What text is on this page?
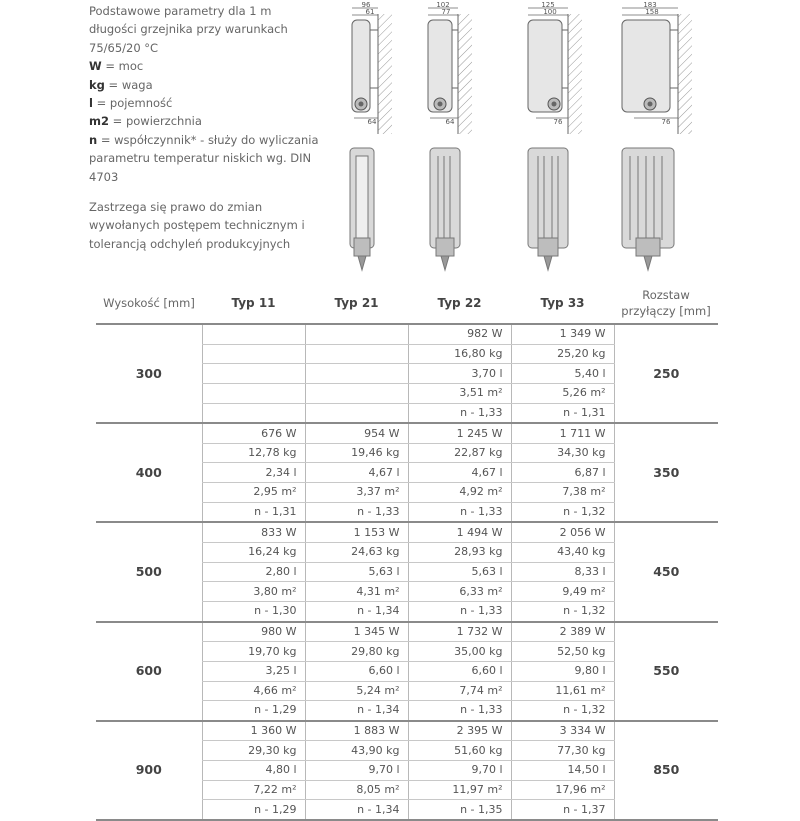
Podstawowe parametry dla 1 m długości grzejnika przy warunkach 75/65/20 °C

W = moc

kg = waga

l = pojemność

m2 = powierzchnia

n = współczynnik* - służy do wyliczania parametru temperatur niskich wg. DIN 4703

Zastrzega się prawo do zmian wywołanych postępem technicznym i tolerancją odchyleń produkcyjnych

96
61
64
102
77
64
125
100
76
183
158
76
Wysokość [mm]	Typ 11	Typ 21	Typ 22	Typ 33	Rozstaw przyłączy [mm]
300			982 W	1 349 W	250
			16,80 kg	25,20 kg	
			3,70 l	5,40 l	
			3,51 m²	5,26 m²	
			n - 1,33	n - 1,31	
400	676 W	954 W	1 245 W	1 711 W	350
	12,78 kg	19,46 kg	22,87 kg	34,30 kg	
	2,34 l	4,67 l	4,67 l	6,87 l	
	2,95 m²	3,37 m²	4,92 m²	7,38 m²	
	n - 1,31	n - 1,33	n - 1,33	n - 1,32	
500	833 W	1 153 W	1 494 W	2 056 W	450
	16,24 kg	24,63 kg	28,93 kg	43,40 kg	
	2,80 l	5,63 l	5,63 l	8,33 l	
	3,80 m²	4,31 m²	6,33 m²	9,49 m²	
	n - 1,30	n - 1,34	n - 1,33	n - 1,32	
600	980 W	1 345 W	1 732 W	2 389 W	550
	19,70 kg	29,80 kg	35,00 kg	52,50 kg	
	3,25 l	6,60 l	6,60 l	9,80 l	
	4,66 m²	5,24 m²	7,74 m²	11,61 m²	
	n - 1,29	n - 1,34	n - 1,33	n - 1,32	
900	1 360 W	1 883 W	2 395 W	3 334 W	850
	29,30 kg	43,90 kg	51,60 kg	77,30 kg	
	4,80 l	9,70 l	9,70 l	14,50 l	
	7,22 m²	8,05 m²	11,97 m²	17,96 m²	
	n - 1,29	n - 1,34	n - 1,35	n - 1,37	
